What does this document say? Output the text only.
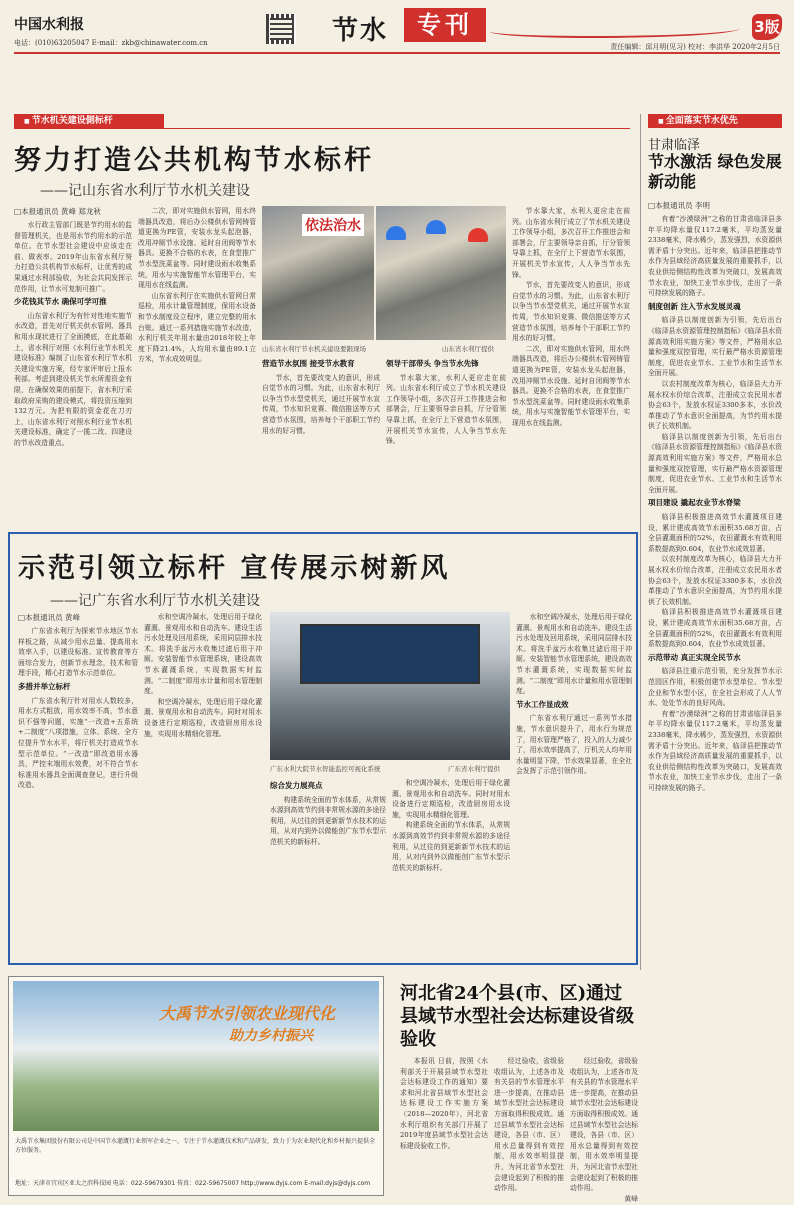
中国水利报
电话：(010)63205047 E-mail：zkb@chinawater.com.cn	节水	专刊	3版
责任编辑：邱月明(见习) 校对：李洪华 2020年2月5日
■ 节水机关建设側标杆
努力打造公共机构节水标杆
——记山东省水利厅节水机关建设
□本报通讯员 黄峰 郑龙秋

水行政主管部门既是节约用水的监督管理机关，也是用水节约用水的示范单位。在节水型社会建设中应该走在前、做表率。2019年山东省水利厅努力打造公共机构节水标杆，让优秀的成果通过水利部验收，为社会共同发挥示范作用，让节水可复制可推广。

少花钱其节水 确保可学可推

山东省水利厅为有针对性地实施节水改造，首先对厅机关供水管网、器具和用水现状进行了全面摸底，在此基础上，省水利厅对照《水利行业节水机关建设标准》编制了山东省水利厅节水机关建设实施方案，经专家评审后上报水利部。考虑到建设机关节水所需资金有限，在确保效果的前提下，省水利厅采取政府采购的建设模式，将投资压缩到132万元。为把有限的资金花在刀刃上，山东省水利厅对照水利行业节水机关建设标准，确定了一揽二改、四建设的节水改造重点。

二次，即对实施供水管网，用水终端器具改造，将后办公楼供水管网铸管道更换为PE管，安装水龙头起泡器，改用冲厕节水设施、延时自闭阀等节水器具。更换不合格的水表，在食堂推广节水型洗菜盆等。同时建设雨水收集系统，用水与实施智能节水管理平台，实现用水在线监测。

山东省水利厅在实施供水管网日常巡检，用水计量管理制度，保用水设备和节水制度设立程序，建立完整的用水台账。通过一系列措施实施节水改造，水利厅机关年用水量由2018年较上年度下降21.4%，人均用水量由89.1立方米，节水成效明显。

依法治水
山东省水利厅节水机关建设要跟现场	山东省水利厅提供
营造节水氛围 接受节水教育

节水，首先要改变人的意识，形成自觉节水的习惯。为此，山东省水利厅以争当节水型党机关，通过开展节水宣传周，节水知识竞赛、微信推送等方式营造节水氛围，培养每个干部职工节约用水的好习惯。

领导干部带头 争当节水先锋

节水靠大家，水利人更应走在前列。山东省水利厅成立了节水机关建设工作领导小组，多次召开工作推进会和部署会，厅主要领导亲自抓，厅分管领导靠上抓，在全厅上下营造节水氛围，开展机关节水宣传，人人争当节水先锋。

节水靠大家，水利人更应走在前列。山东省水利厅成立了节水机关建设工作领导小组，多次召开工作推进会和部署会，厅主要领导亲自抓，厅分管领导靠上抓，在全厅上下营造节水氛围，开展机关节水宣传，人人争当节水先锋。

节水，首先要改变人的意识，形成自觉节水的习惯。为此，山东省水利厅以争当节水型党机关，通过开展节水宣传周，节水知识竞赛、微信推送等方式营造节水氛围，培养每个干部职工节约用水的好习惯。

二次，即对实施供水管网，用水终端器具改造，将后办公楼供水管网铸管道更换为PE管，安装水龙头起泡器，改用冲厕节水设施、延时自闭阀等节水器具。更换不合格的水表，在食堂推广节水型洗菜盆等。同时建设雨水收集系统，用水与实施智能节水管理平台，实现用水在线监测。

示范引领立标杆 宣传展示树新风
——记广东省水利厅节水机关建设
□本报通讯员 黄峰

广东省水利厅为探索节水地区节水样板之路，从减少用水总量、提高用水效率入手，以建设标准、宣传教育等方面综合发力，创新节水理念，技术和管理手段，精心打造节水示范单位。

多措并举立标杆

广东省水利厅针对用水人数较多，用水方式粗放，用水效率不高，节水意识不强等问题，实施“一改造+五系统+二制度”八项措施，立体、系统、全方位提升节水水平，将厅机关打造成节水型示范单位。“一改造”即改造用水器具，严控末端用水效费，对不符合节水标准用水器具全面调查登记，进行升级改造。

水和空调冷凝水，处理后用于绿化灌溉、景观用水和自动洗车。建设生活污水处理及回用系统，采用同层排水技术。将洗手盆污水收集过滤后用于冲厕。安装智能节水管理系统，建设高效节水灌溉系统，实现数据实时监测。“二制度”即用水计量和用水管理制度。

和空调冷凝水，处理后用于绿化灌溉、景观用水和自动洗车。同时对用水设备进行定期巡检，改造厨房用水设施，实现用水精细化管理。

广东水利大院节水智能监控可视化系统	广东省水利厅提供
综合发力展亮点

构建系统全面的节水体系，从常规水源到高效节约到非常规水源的多途径利用，从过往的到更新新节水技术的运用，从对内到外以做能创广东节水型示范机关的新标杆。

和空调冷凝水，处理后用于绿化灌溉、景观用水和自动洗车。同时对用水设备进行定期巡检，改造厨房用水设施，实现用水精细化管理。

构建系统全面的节水体系，从常规水源到高效节约到非常规水源的多途径利用，从过往的到更新新节水技术的运用，从对内到外以做能创广东节水型示范机关的新标杆。

水和空调冷凝水，处理后用于绿化灌溉、景观用水和自动洗车。建设生活污水处理及回用系统，采用同层排水技术。将洗手盆污水收集过滤后用于冲厕。安装智能节水管理系统，建设高效节水灌溉系统，实现数据实时监测。“二制度”即用水计量和用水管理制度。

节水工作显成效

广东省水利厅通过一系列节水措施，节水意识提升了，用水行为规范了，用水管理严格了，投入的人力减少了，用水效率提高了，厅机关人均年用水量明显下降，节水效果显著，在全社会发挥了示范引领作用。

■ 全面落实节水优先
甘肃临泽
节水激活 绿色发展新动能
□本报通讯员 李明

有着“沙漠绿洲”之称的甘肃省临泽县多年平均降水量仅117.2毫米，平均蒸发量2338毫米，降水稀少，蒸发强烈，水资源供需矛盾十分突出。近年来，临泽县把推动节水作为县域经济高质量发展的重要抓手，以农业供给侧结构性改革为突破口，发展高效节水农业，加快工业节水步伐，走出了一条可持续发展的路子。

制度创新 注入节水发展灵魂

临泽县以制度创新为引领，先后出台《临泽县水资源管理控制指标》《临泽县水资源高效利用实施方案》等文件，严格用水总量和强度双控管理，实行最严格水资源管理制度，促进农业节水、工业节水和生活节水全面开展。

以农村制度改革为核心，临泽县大力开展水权水价综合改革，注册成立农民用水者协会63个，发放水权证3300多本，水价改革推动了节水意识全面提高，为节约用水提供了长效机制。

临泽县以制度创新为引领，先后出台《临泽县水资源管理控制指标》《临泽县水资源高效利用实施方案》等文件，严格用水总量和强度双控管理，实行最严格水资源管理制度，促进农业节水、工业节水和生活节水全面开展。

项目建设 撬起农业节水脊梁

临泽县积极推进高效节水灌溉项目建设，累计建成高效节水面积35.68万亩，占全县灌溉面积的52%，农田灌溉水有效利用系数提高到0.604，农业节水成效显著。

以农村制度改革为核心，临泽县大力开展水权水价综合改革，注册成立农民用水者协会63个，发放水权证3300多本，水价改革推动了节水意识全面提高，为节约用水提供了长效机制。

临泽县积极推进高效节水灌溉项目建设，累计建成高效节水面积35.68万亩，占全县灌溉面积的52%，农田灌溉水有效利用系数提高到0.604，农业节水成效显著。

示范带动 真正实现全民节水

临泽县注重示范引领，充分发挥节水示范园区作用，积极创建节水型单位、节水型企业和节水型小区，在全社会形成了人人节水、处处节水的良好风尚。

有着“沙漠绿洲”之称的甘肃省临泽县多年平均降水量仅117.2毫米，平均蒸发量2338毫米，降水稀少，蒸发强烈，水资源供需矛盾十分突出。近年来，临泽县把推动节水作为县域经济高质量发展的重要抓手，以农业供给侧结构性改革为突破口，发展高效节水农业，加快工业节水步伐，走出了一条可持续发展的路子。

大禹节水引领农业现代化
助力乡村振兴
大禹节水集团股份有限公司是中国节水灌溉行业领军企业之一，专注于节水灌溉技术和产品研发，致力于为农业现代化和乡村振兴提供全方位服务。
地址：天津市宜宾区亚太之滨科技园 电话：022-59679301 传真：022-59675007 http://www.dyjs.com E-mail:dyjs@dyjs.com
河北省24个县(市、区)通过县域节水型社会达标建设省级验收

本报讯 日前，按照《水利部关于开展县域节水型社会达标建设工作的通知》要求和河北省县域节水型社会达标建设工作实施方案（2018—2020年），河北省水利厅组织有关部门开展了2019年度县域节水型社会达标建设验收工作。

经过验收，省级验收组认为，上述各市及有关县的节水管理水平进一步提高，在推动县域节水型社会达标建设方面取得积极成效。通过县域节水型社会达标建设，各县（市、区）用水总量得到有效控制，用水效率明显提升，为河北省节水型社会建设起到了积极的推动作用。

经过验收，省级验收组认为，上述各市及有关县的节水管理水平进一步提高，在推动县域节水型社会达标建设方面取得积极成效。通过县域节水型社会达标建设，各县（市、区）用水总量得到有效控制，用水效率明显提升，为河北省节水型社会建设起到了积极的推动作用。

黄峰
